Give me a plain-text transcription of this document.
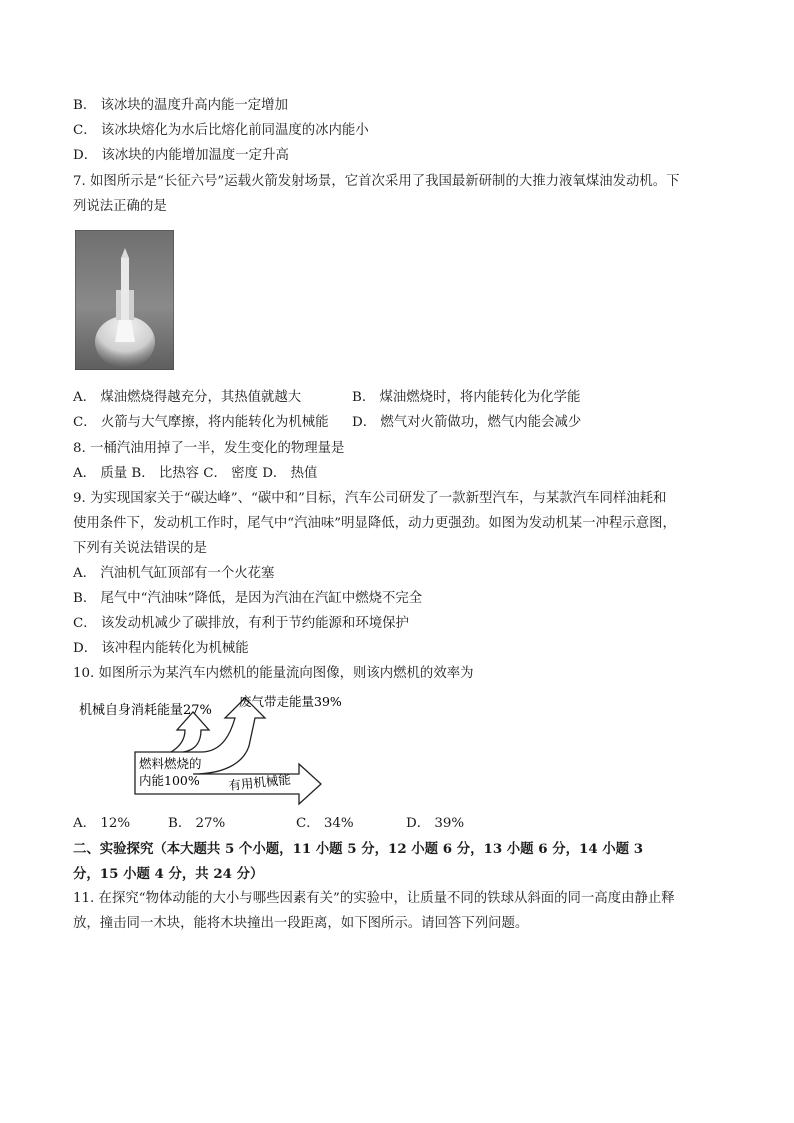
B． 该冰块的温度升高内能一定增加
C． 该冰块熔化为水后比熔化前同温度的冰内能小
D． 该冰块的内能增加温度一定升高
7. 如图所示是“长征六号”运载火箭发射场景，它首次采用了我国最新研制的大推力液氧煤油发动机。下
列说法正确的是
A． 煤油燃烧得越充分，其热值就越大	B． 煤油燃烧时，将内能转化为化学能
C． 火箭与大气摩擦，将内能转化为机械能 D． 燃气对火箭做功，燃气内能会减少
8. 一桶汽油用掉了一半，发生变化的物理量是
A． 质量 B． 比热容 C． 密度 D． 热值
9. 为实现国家关于“碳达峰”、“碳中和”目标，汽车公司研发了一款新型汽车，与某款汽车同样油耗和
使用条件下，发动机工作时，尾气中“汽油味”明显降低，动力更强劲。如图为发动机某一冲程示意图，
下列有关说法错误的是
A． 汽油机气缸顶部有一个火花塞
B． 尾气中“汽油味”降低，是因为汽油在汽缸中燃烧不完全
C． 该发动机减少了碳排放，有利于节约能源和环境保护
D． 该冲程内能转化为机械能
10. 如图所示为某汽车内燃机的能量流向图像，则该内燃机的效率为
机械自身消耗能量27%
废气带走能量39%
燃料燃烧的
内能100% 有用机械能
A． 12%	B． 27%	C． 34%	D． 39%
二、实验探究（本大题共 5 个小题，11 小题 5 分，12 小题 6 分，13 小题 6 分，14 小题 3
分，15 小题 4 分，共 24 分）
11. 在探究“物体动能的大小与哪些因素有关”的实验中，让质量不同的铁球从斜面的同一高度由静止释
放，撞击同一木块，能将木块撞出一段距离，如下图所示。请回答下列问题。
